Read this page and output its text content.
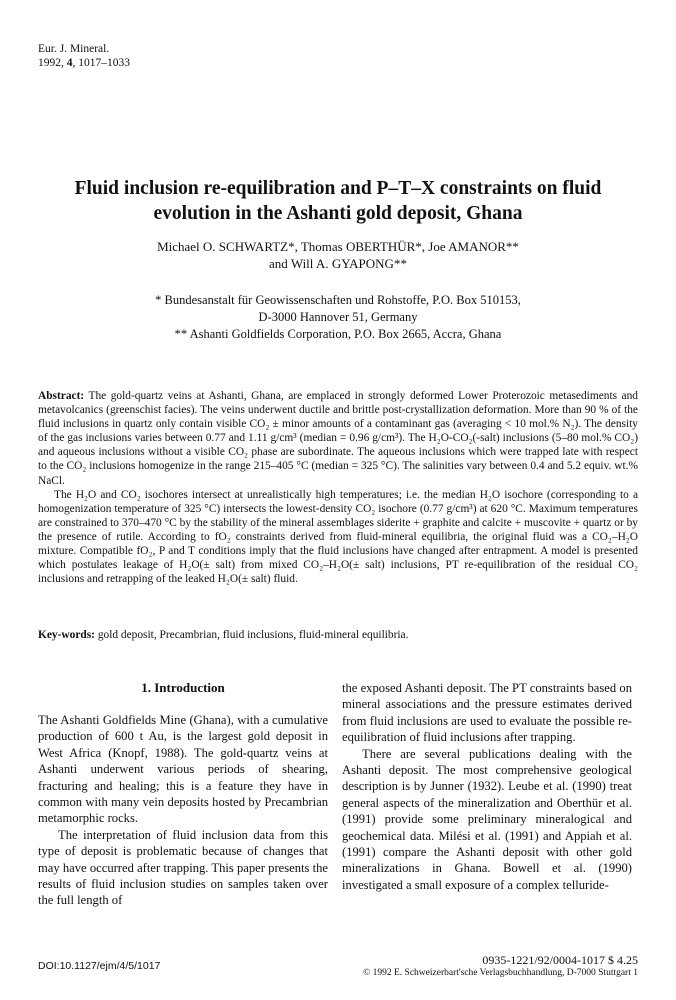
Eur. J. Mineral.
1992, 4, 1017–1033
Fluid inclusion re-equilibration and P–T–X constraints on fluid evolution in the Ashanti gold deposit, Ghana
Michael O. SCHWARTZ*, Thomas OBERTHÜR*, Joe AMANOR**
and Will A. GYAPONG**
* Bundesanstalt für Geowissenschaften und Rohstoffe, P.O. Box 510153,
D-3000 Hannover 51, Germany
** Ashanti Goldfields Corporation, P.O. Box 2665, Accra, Ghana

Abstract: The gold-quartz veins at Ashanti, Ghana, are emplaced in strongly deformed Lower Proterozoic metasediments and metavolcanics (greenschist facies). The veins underwent ductile and brittle post-crystallization deformation. More than 90 % of the fluid inclusions in quartz only contain visible CO₂ ± minor amounts of a contaminant gas (averaging < 10 mol.% N₂). The density of the gas inclusions varies between 0.77 and 1.11 g/cm³ (median = 0.96 g/cm³). The H₂O-CO₂(-salt) inclusions (5–80 mol.% CO₂) and aqueous inclusions without a visible CO₂ phase are subordinate. The aqueous inclusions which were trapped late with respect to the CO₂ inclusions homogenize in the range 215–405 °C (median = 325 °C). The salinities vary between 0.4 and 5.2 equiv. wt.% NaCl.

The H₂O and CO₂ isochores intersect at unrealistically high temperatures; i.e. the median H₂O isochore (corresponding to a homogenization temperature of 325 °C) intersects the lowest-density CO₂ isochore (0.77 g/cm³) at 620 °C. Maximum temperatures are constrained to 370–470 °C by the stability of the mineral assemblages siderite + graphite and calcite + muscovite + quartz or by the presence of rutile. According to fO₂ constraints derived from fluid-mineral equilibria, the original fluid was a CO₂–H₂O mixture. Compatible fO₂, P and T conditions imply that the fluid inclusions have changed after entrapment. A model is presented which postulates leakage of H₂O(± salt) from mixed CO₂–H₂O(± salt) inclusions, PT re-equilibration of the residual CO₂ inclusions and retrapping of the leaked H₂O(± salt) fluid.

Key-words: gold deposit, Precambrian, fluid inclusions, fluid-mineral equilibria.
1. Introduction

The Ashanti Goldfields Mine (Ghana), with a cumulative production of 600 t Au, is the largest gold deposit in West Africa (Knopf, 1988). The gold-quartz veins at Ashanti underwent various periods of shearing, fracturing and healing; this is a feature they have in common with many vein deposits hosted by Precambrian metamorphic rocks.

The interpretation of fluid inclusion data from this type of deposit is problematic because of changes that may have occurred after trapping. This paper presents the results of fluid inclusion studies on samples taken over the full length of

the exposed Ashanti deposit. The PT constraints based on mineral associations and the pressure estimates derived from fluid inclusions are used to evaluate the possible re-equilibration of fluid inclusions after trapping.

There are several publications dealing with the Ashanti deposit. The most comprehensive geological description is by Junner (1932). Leube et al. (1990) treat general aspects of the mineralization and Oberthür et al. (1991) provide some preliminary mineralogical and geochemical data. Milési et al. (1991) and Appiah et al. (1991) compare the Ashanti deposit with other gold mineralizations in Ghana. Bowell et al. (1990) investigated a small exposure of a complex telluride-

DOI:10.1127/ejm/4/5/1017	0935-1221/92/0004-1017 $ 4.25
© 1992 E. Schweizerbart'sche Verlagsbuchhandlung, D-7000 Stuttgart 1
